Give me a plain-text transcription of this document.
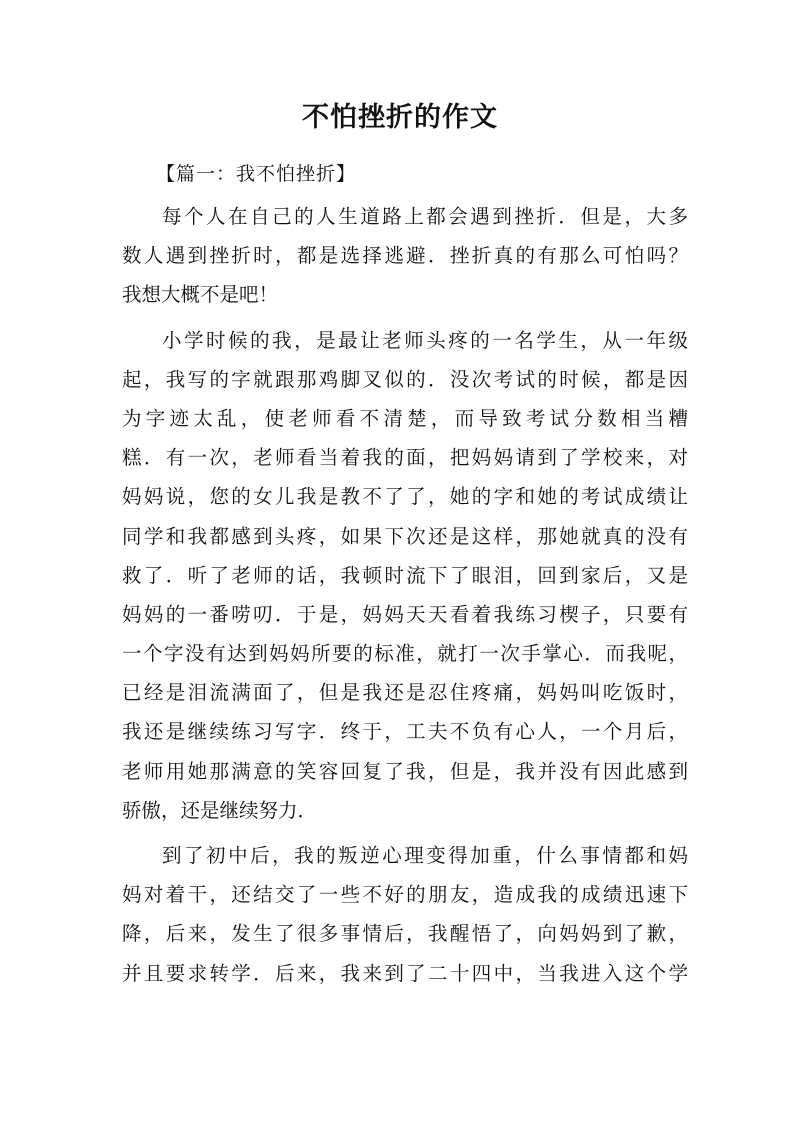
不怕挫折的作文
【篇一：我不怕挫折】
每个人在自己的人生道路上都会遇到挫折．但是，大多
数人遇到挫折时，都是选择逃避．挫折真的有那么可怕吗？
我想大概不是吧！
小学时候的我，是最让老师头疼的一名学生，从一年级
起，我写的字就跟那鸡脚叉似的．没次考试的时候，都是因
为字迹太乱，使老师看不清楚，而导致考试分数相当糟
糕．有一次，老师看当着我的面，把妈妈请到了学校来，对
妈妈说，您的女儿我是教不了了，她的字和她的考试成绩让
同学和我都感到头疼，如果下次还是这样，那她就真的没有
救了．听了老师的话，我顿时流下了眼泪，回到家后，又是
妈妈的一番唠叨．于是，妈妈天天看着我练习楔子，只要有
一个字没有达到妈妈所要的标准，就打一次手掌心．而我呢，
已经是泪流满面了，但是我还是忍住疼痛，妈妈叫吃饭时，
我还是继续练习写字．终于，工夫不负有心人，一个月后，
老师用她那满意的笑容回复了我，但是，我并没有因此感到
骄傲，还是继续努力．
到了初中后，我的叛逆心理变得加重，什么事情都和妈
妈对着干，还结交了一些不好的朋友，造成我的成绩迅速下
降，后来，发生了很多事情后，我醒悟了，向妈妈到了歉，
并且要求转学．后来，我来到了二十四中，当我进入这个学
